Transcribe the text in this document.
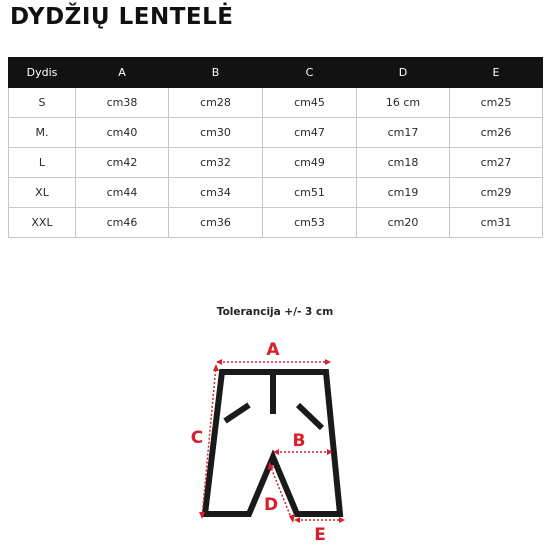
DYDŽIŲ LENTELĖ
Dydis	A	B	C	D	E
S	cm38	cm28	cm45	16 cm	cm25
M.	cm40	cm30	cm47	cm17	cm26
L	cm42	cm32	cm49	cm18	cm27
XL	cm44	cm34	cm51	cm19	cm29
XXL	cm46	cm36	cm53	cm20	cm31
Tolerancija +/- 3 cm
A
B
C
D
E
